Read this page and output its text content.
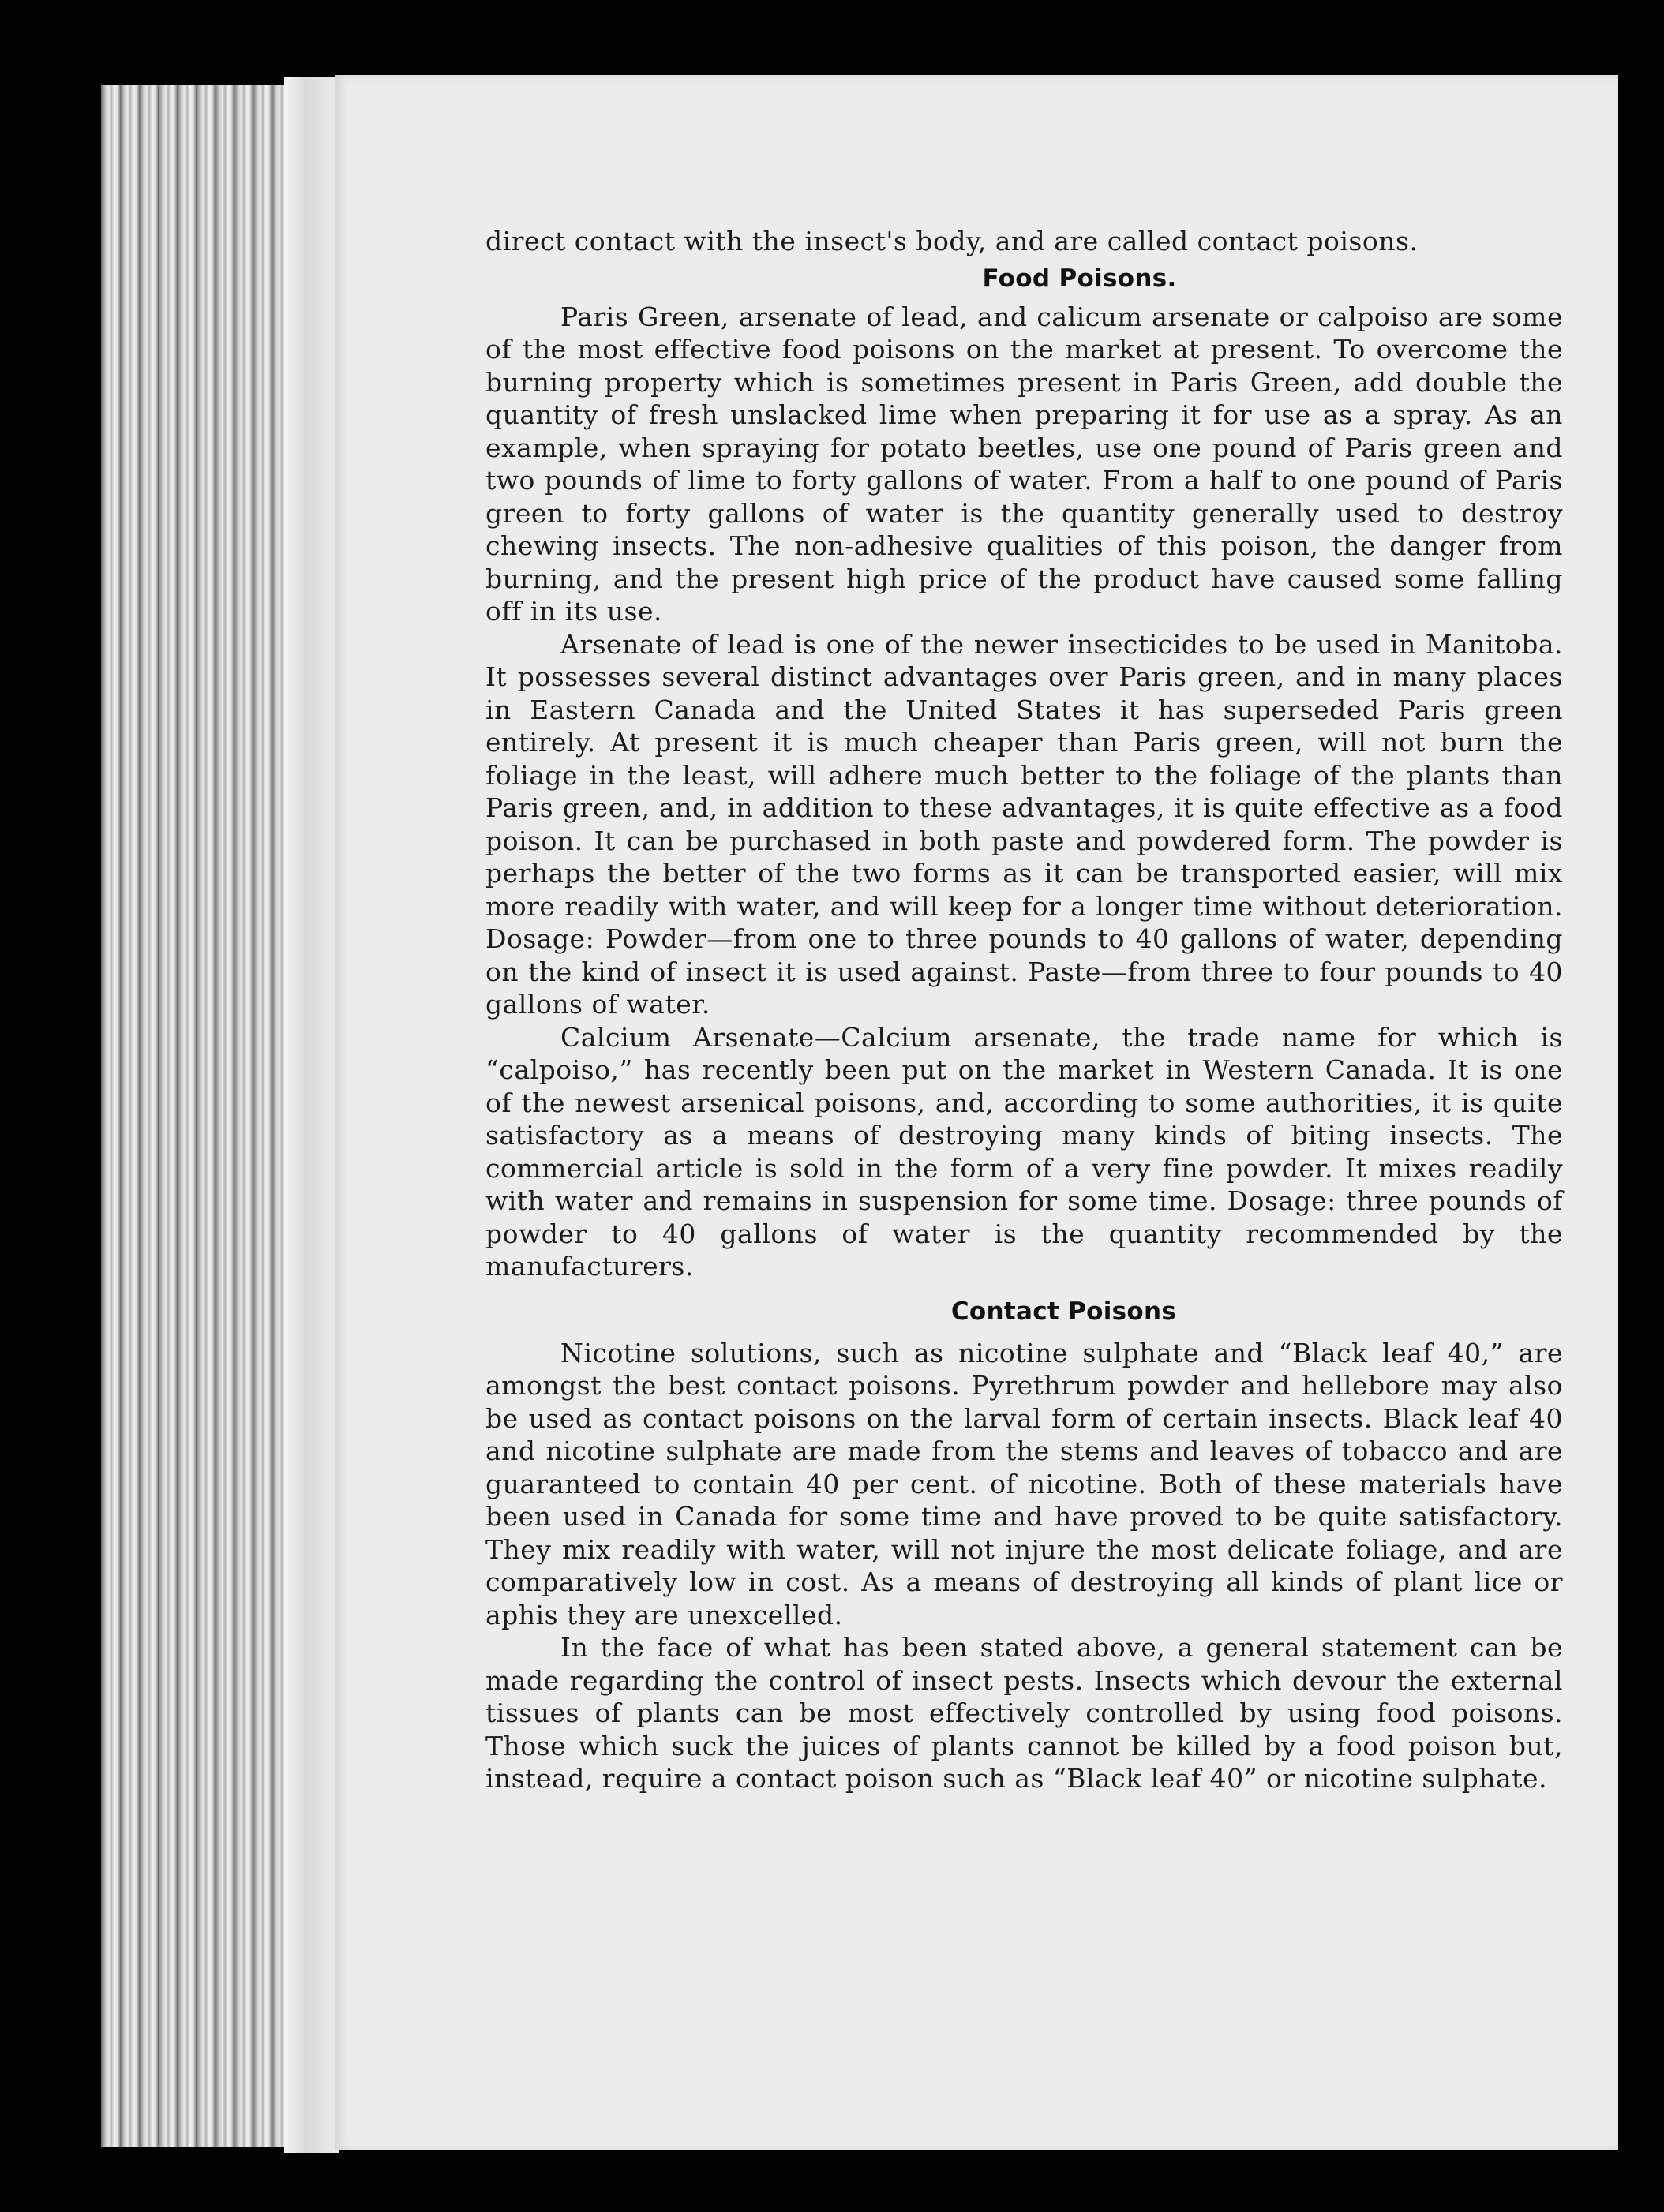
direct contact with the insect's body, and are called contact poisons.

Food Poisons.

Paris Green, arsenate of lead, and calicum arsenate or calpoiso are some of the most effective food poisons on the market at present. To overcome the burning property which is sometimes present in Paris Green, add double the quantity of fresh unslacked lime when preparing it for use as a spray. As an example, when spraying for potato beetles, use one pound of Paris green and two pounds of lime to forty gallons of water. From a half to one pound of Paris green to forty gallons of water is the quantity generally used to destroy chewing insects. The non-adhesive qualities of this poison, the danger from burning, and the present high price of the product have caused some falling off in its use.

Arsenate of lead is one of the newer insecticides to be used in Manitoba. It possesses several distinct advantages over Paris green, and in many places in Eastern Canada and the United States it has superseded Paris green entirely. At present it is much cheaper than Paris green, will not burn the foliage in the least, will adhere much better to the foliage of the plants than Paris green, and, in addition to these advantages, it is quite effective as a food poison. It can be purchased in both paste and powdered form. The powder is perhaps the better of the two forms as it can be transported easier, will mix more readily with water, and will keep for a longer time without deterioration. Dosage: Powder—from one to three pounds to 40 gallons of water, depending on the kind of insect it is used against. Paste—from three to four pounds to 40 gallons of water.

Calcium Arsenate—Calcium arsenate, the trade name for which is “calpoiso,” has recently been put on the market in Western Canada. It is one of the newest arsenical poisons, and, according to some authorities, it is quite satisfactory as a means of destroying many kinds of biting insects. The commercial article is sold in the form of a very fine powder. It mixes readily with water and remains in suspension for some time. Dosage: three pounds of powder to 40 gallons of water is the quantity recommended by the manufacturers.

Contact Poisons

Nicotine solutions, such as nicotine sulphate and “Black leaf 40,” are amongst the best contact poisons. Pyrethrum powder and hellebore may also be used as contact poisons on the larval form of certain insects. Black leaf 40 and nicotine sulphate are made from the stems and leaves of tobacco and are guaranteed to contain 40 per cent. of nicotine. Both of these materials have been used in Canada for some time and have proved to be quite satisfactory. They mix readily with water, will not injure the most delicate foliage, and are comparatively low in cost. As a means of destroying all kinds of plant lice or aphis they are unexcelled.

In the face of what has been stated above, a general statement can be made regarding the control of insect pests. Insects which devour the external tissues of plants can be most effectively controlled by using food poisons. Those which suck the juices of plants cannot be killed by a food poison but, instead, require a contact poison such as “Black leaf 40” or nicotine sulphate.
